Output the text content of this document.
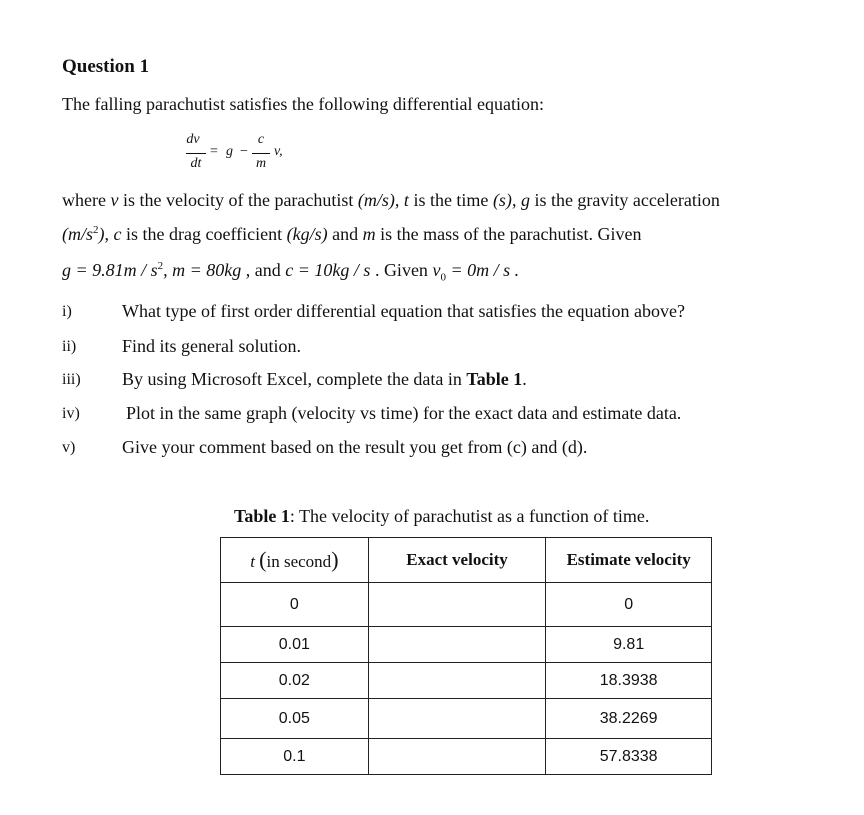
Question 1
The falling parachutist satisfies the following differential equation:
dv
dt
= g −
c
m
v,
where v is the velocity of the parachutist (m/s), t is the time (s), g is the gravity acceleration
$(m/s^2)$, c is the drag coefficient (kg/s) and m is the mass of the parachutist. Given
$g = 9.81m / s^2$, m = 80kg , and c = 10kg / s . Given $v_0 = 0m / s$ .
i)	What type of first order differential equation that satisfies the equation above?
ii)	Find its general solution.
iii) By using Microsoft Excel, complete the data in Table 1.
iv)	Plot in the same graph (velocity vs time) for the exact data and estimate data.
v)	Give your comment based on the result you get from (c) and (d).
Table 1: The velocity of parachutist as a function of time.
t (in second)	Exact velocity	Estimate velocity
0		0
0.01		9.81
0.02		18.3938
0.05		38.2269
0.1		57.8338
